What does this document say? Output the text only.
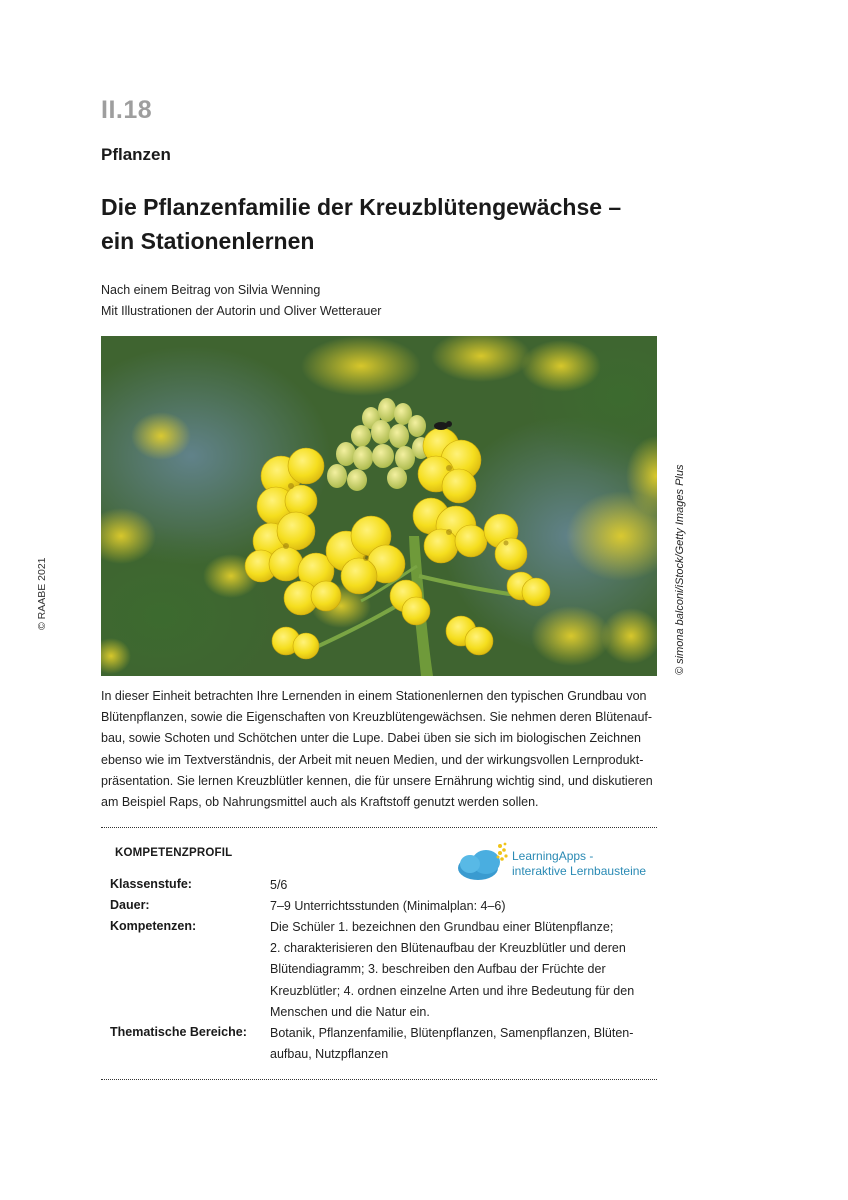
II.18
Pflanzen
Die Pflanzenfamilie der Kreuzblütengewächse –
ein Stationenlernen
Nach einem Beitrag von Silvia Wenning
Mit Illustrationen der Autorin und Oliver Wetterauer
© simona balconi/iStock/Getty Images Plus
© RAABE 2021

In dieser Einheit betrachten Ihre Lernenden in einem Stationenlernen den typischen Grundbau von

Blütenpflanzen, sowie die Eigenschaften von Kreuzblütengewächsen. Sie nehmen deren Blütenauf-

bau, sowie Schoten und Schötchen unter die Lupe. Dabei üben sie sich im biologischen Zeichnen

ebenso wie im Textverständnis, der Arbeit mit neuen Medien, und der wirkungsvollen Lernprodukt-

präsentation. Sie lernen Kreuzblütler kennen, die für unsere Ernährung wichtig sind, und diskutieren

am Beispiel Raps, ob Nahrungsmittel auch als Kraftstoff genutzt werden sollen.

KOMPETENZPROFIL	LearningApps -
interaktive Lernbausteine
Klassenstufe:	5/6
Dauer:	7–9 Unterrichtsstunden (Minimalplan: 4–6)
Kompetenzen:	Die Schüler 1. bezeichnen den Grundbau einer Blütenpflanze;
2. charakterisieren den Blütenaufbau der Kreuzblütler und deren
Blütendiagramm; 3. beschreiben den Aufbau der Früchte der
Kreuzblütler; 4. ordnen einzelne Arten und ihre Bedeutung für den
Menschen und die Natur ein.
Thematische Bereiche: Botanik, Pflanzenfamilie, Blütenpflanzen, Samenpflanzen, Blüten-
aufbau, Nutzpflanzen
